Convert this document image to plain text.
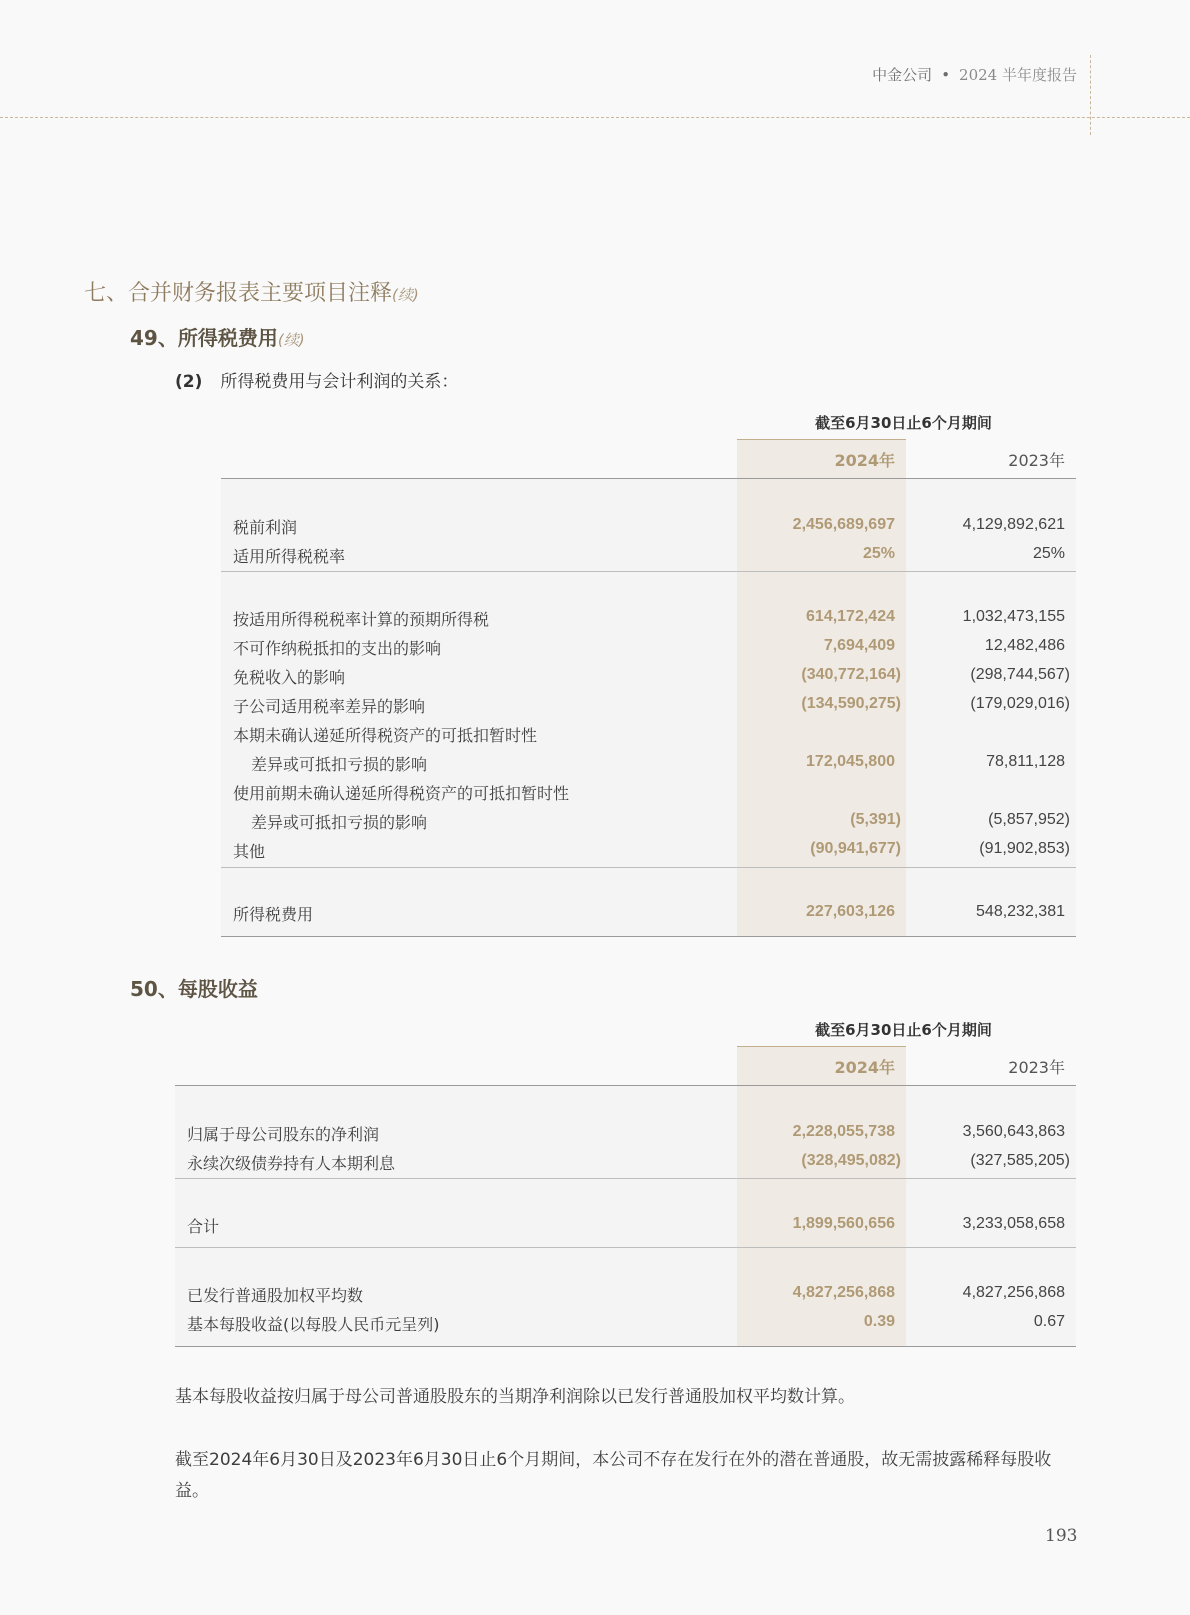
中金公司 • 2024 半年度报告
七、合并财务报表主要项目注释(续)
49、所得税费用(续)
(2) 所得税费用与会计利润的关系：
截至6月30日止6个月期间
2024年	2023年
税前利润	2,456,689,697	4,129,892,621
适用所得税税率	25%	25%
按适用所得税税率计算的预期所得税	614,172,424	1,032,473,155
不可作纳税抵扣的支出的影响	7,694,409	12,482,486
免税收入的影响	(340,772,164)	(298,744,567)
子公司适用税率差异的影响	(134,590,275)	(179,029,016)
本期未确认递延所得税资产的可抵扣暂时性
差异或可抵扣亏损的影响	172,045,800	78,811,128
使用前期未确认递延所得税资产的可抵扣暂时性
差异或可抵扣亏损的影响	(5,391)	(5,857,952)
其他	(90,941,677)	(91,902,853)
所得税费用	227,603,126	548,232,381
50、每股收益
截至6月30日止6个月期间
2024年	2023年
归属于母公司股东的净利润	2,228,055,738	3,560,643,863
永续次级债券持有人本期利息	(328,495,082)	(327,585,205)
合计	1,899,560,656	3,233,058,658
已发行普通股加权平均数	4,827,256,868	4,827,256,868
基本每股收益(以每股人民币元呈列)	0.39	0.67
基本每股收益按归属于母公司普通股股东的当期净利润除以已发行普通股加权平均数计算。
截至2024年6月30日及2023年6月30日止6个月期间，本公司不存在发行在外的潜在普通股，故无需披露稀释每股收益。
193
